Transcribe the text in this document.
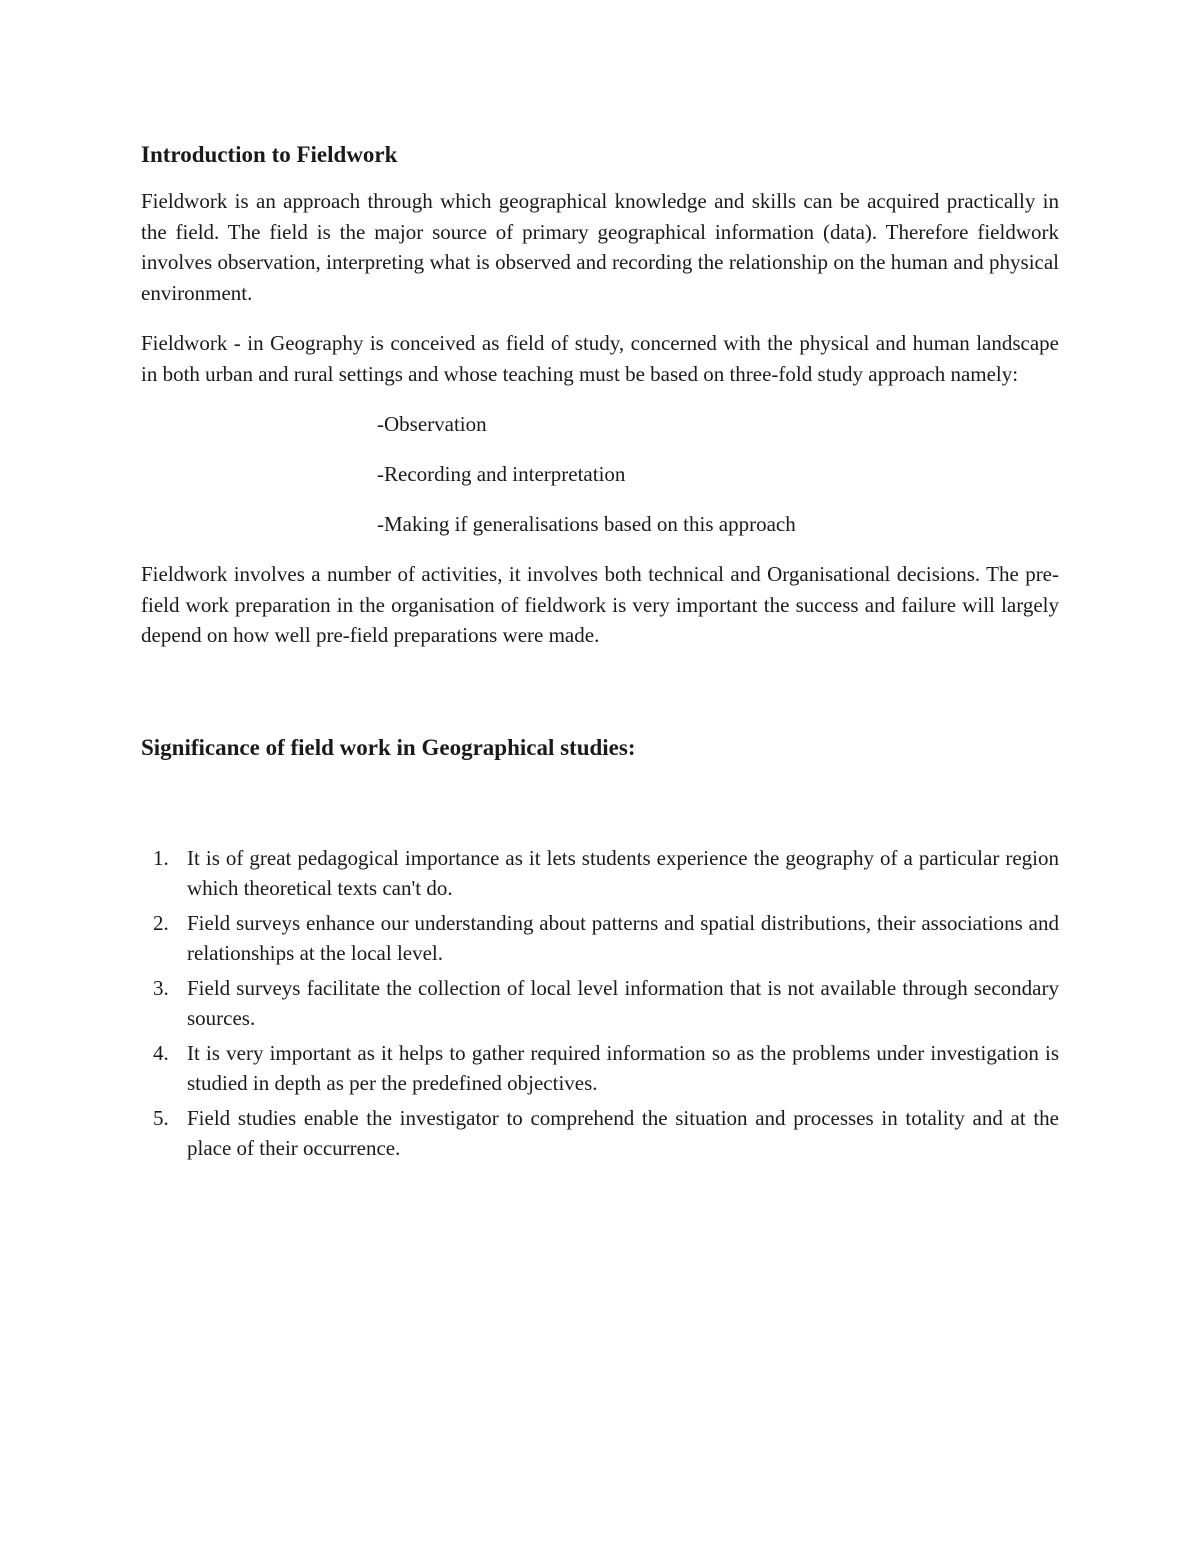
Introduction to Fieldwork

Fieldwork is an approach through which geographical knowledge and skills can be acquired practically in the field. The field is the major source of primary geographical information (data). Therefore fieldwork involves observation, interpreting what is observed and recording the relationship on the human and physical environment.

Fieldwork - in Geography is conceived as field of study, concerned with the physical and human landscape in both urban and rural settings and whose teaching must be based on three-fold study approach namely:

-Observation
-Recording and interpretation
-Making if generalisations based on this approach

Fieldwork involves a number of activities, it involves both technical and Organisational decisions. The pre-field work preparation in the organisation of fieldwork is very important the success and failure will largely depend on how well pre-field preparations were made.

Significance of field work in Geographical studies:
1. It is of great pedagogical importance as it lets students experience the geography of a particular region which theoretical texts can't do.
2. Field surveys enhance our understanding about patterns and spatial distributions, their associations and relationships at the local level.
3. Field surveys facilitate the collection of local level information that is not available through secondary sources.
4. It is very important as it helps to gather required information so as the problems under investigation is studied in depth as per the predefined objectives.
5. Field studies enable the investigator to comprehend the situation and processes in totality and at the place of their occurrence.
